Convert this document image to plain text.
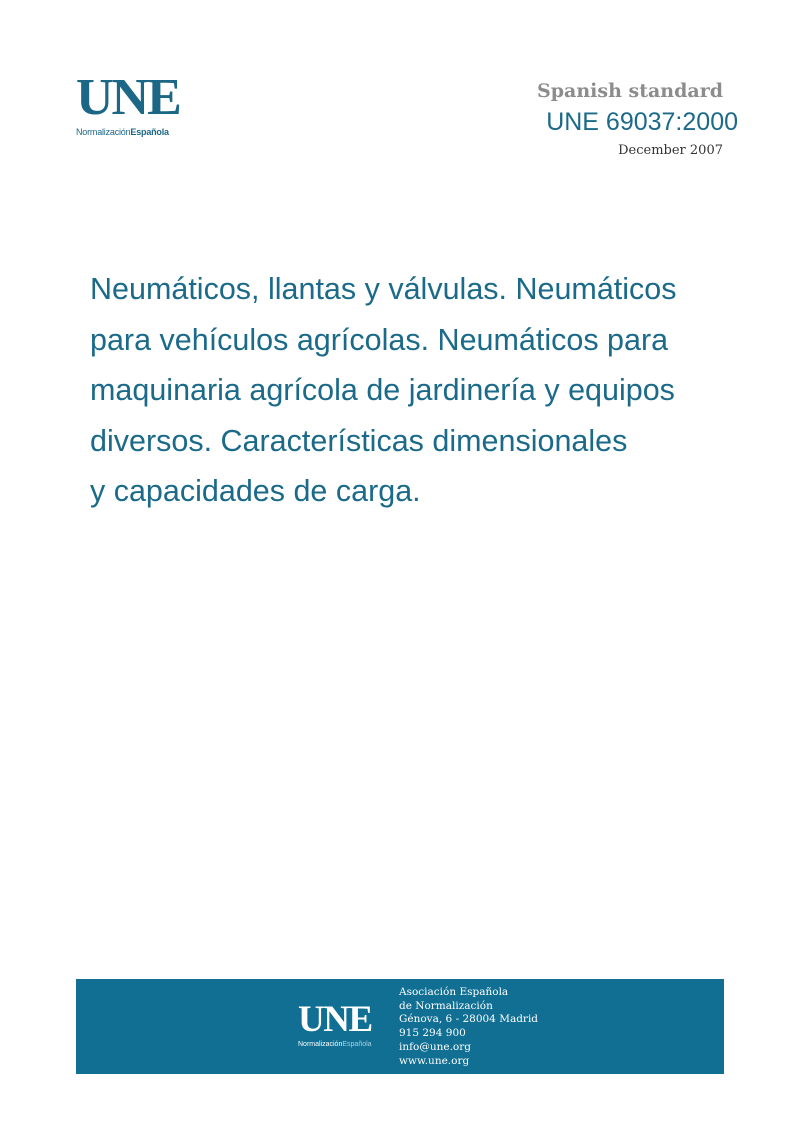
UNE
NormalizaciónEspañola
Spanish standard
UNE 69037:2000
December 2007
Neumáticos, llantas y válvulas. Neumáticos
para vehículos agrícolas. Neumáticos para
maquinaria agrícola de jardinería y equipos
diversos. Características dimensionales
y capacidades de carga.
UNE
NormalizaciónEspañola
Asociación Española
de Normalización
Génova, 6 - 28004 Madrid
915 294 900
info@une.org
www.une.org
